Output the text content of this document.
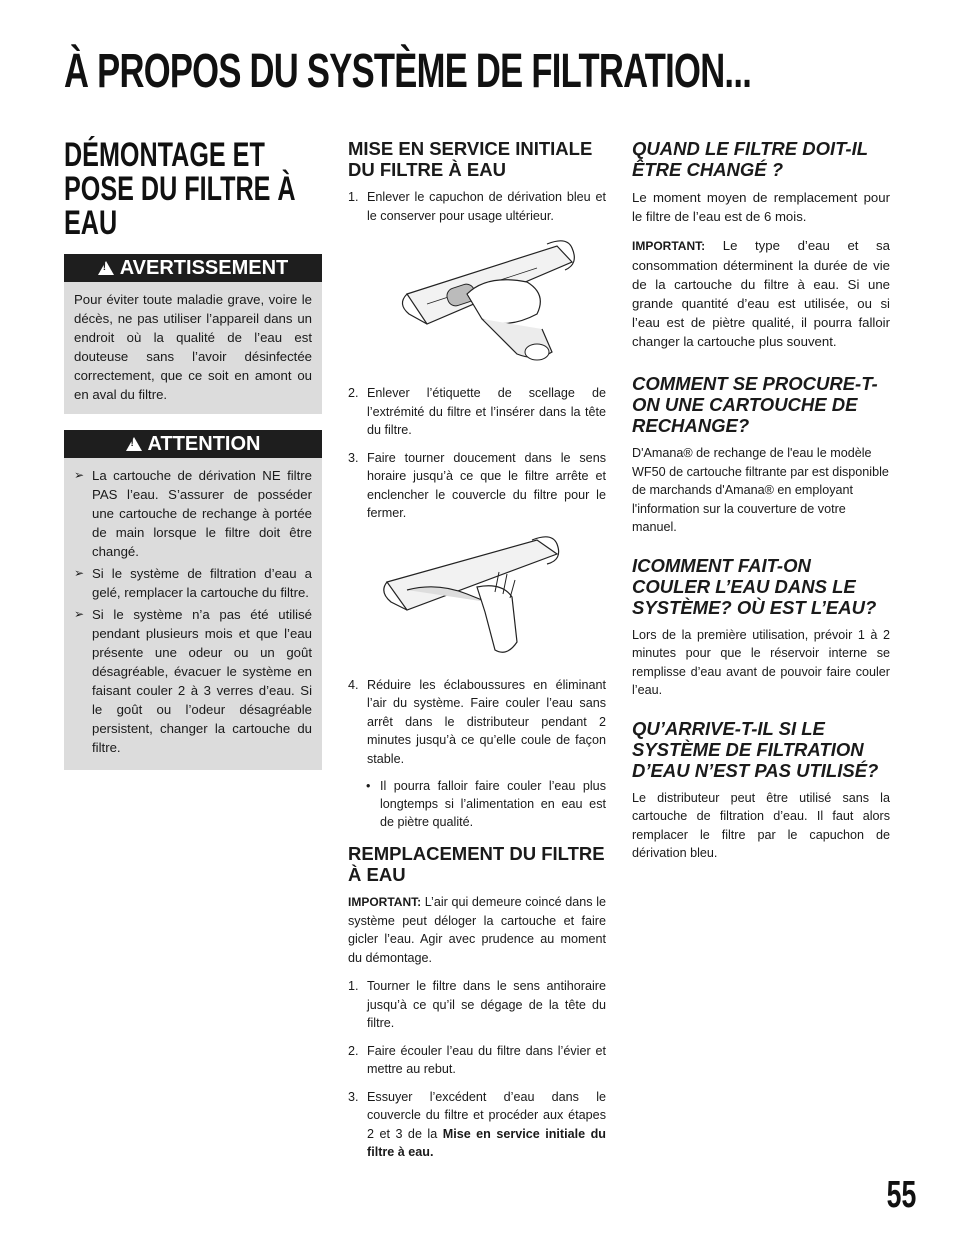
À PROPOS DU SYSTÈME DE FILTRATION...
DÉMONTAGE ET POSE DU FILTRE À EAU
!
AVERTISSEMENT
Pour éviter toute maladie grave, voire le décès, ne pas utiliser l’appareil dans un endroit où la qualité de l’eau est douteuse sans l’avoir désinfectée correctement, que ce soit en amont ou en aval du filtre.
!
ATTENTION
➢ La cartouche de dérivation NE filtre PAS l’eau. S’assurer de posséder une cartouche de rechange à portée de main lorsque le filtre doit être changé.
➢ Si le système de filtration d’eau a gelé, remplacer la cartouche du filtre.
➢ Si le système n’a pas été utilisé pendant plusieurs mois et que l’eau présente une odeur ou un goût désagréable, évacuer le système en faisant couler 2 à 3 verres d’eau. Si le goût ou l’odeur désagréable persistent, changer la cartouche du filtre.
MISE EN SERVICE INITIALE DU FILTRE À EAU
1. Enlever le capuchon de dérivation bleu et le conserver pour usage ultérieur.
2. Enlever l’étiquette de scellage de l’extrémité du filtre et l’insérer dans la tête du filtre.
3. Faire tourner doucement dans le sens horaire jusqu’à ce que le filtre arrête et enclencher le couvercle du filtre pour le fermer.
4. Réduire les éclaboussures en éliminant l’air du système. Faire couler l’eau sans arrêt dans le distributeur pendant 2 minutes jusqu’à ce qu’elle coule de façon stable.
• Il pourra falloir faire couler l’eau plus longtemps si l’alimentation en eau est de piètre qualité.
REMPLACEMENT DU FILTRE À EAU

IMPORTANT: L’air qui demeure coincé dans le système peut déloger la cartouche et faire gicler l’eau. Agir avec prudence au moment du démontage.

1. Tourner le filtre dans le sens antihoraire jusqu’à ce qu’il se dégage de la tête du filtre.
2. Faire écouler l’eau du filtre dans l’évier et mettre au rebut.
3. Essuyer l’excédent d’eau dans le couvercle du filtre et procéder aux étapes 2 et 3 de la Mise en service initiale du filtre à eau.
QUAND LE FILTRE DOIT-IL ÊTRE CHANGÉ ?

Le moment moyen de remplacement pour le filtre de l’eau est de 6 mois.

IMPORTANT: Le type d’eau et sa consommation déterminent la durée de vie de la cartouche du filtre à eau. Si une grande quantité d’eau est utilisée, ou si l’eau est de piètre qualité, il pourra falloir changer la cartouche plus souvent.

COMMENT SE PROCURE-T-ON UNE CARTOUCHE DE RECHANGE?

D'Amana® de rechange de l'eau le modèle WF50 de cartouche filtrante par est disponible de marchands d'Amana® en employant l'information sur la couverture de votre manuel.

ICOMMENT FAIT-ON COULER L’EAU DANS LE SYSTÈME? OÙ EST L’EAU?

Lors de la première utilisation, prévoir 1 à 2 minutes pour que le réservoir interne se remplisse d’eau avant de pouvoir faire couler l’eau.

QU’ARRIVE-T-IL SI LE SYSTÈME DE FILTRATION D’EAU N’EST PAS UTILISÉ?

Le distributeur peut être utilisé sans la cartouche de filtration d’eau. Il faut alors remplacer le filtre par le capuchon de dérivation bleu.

55
